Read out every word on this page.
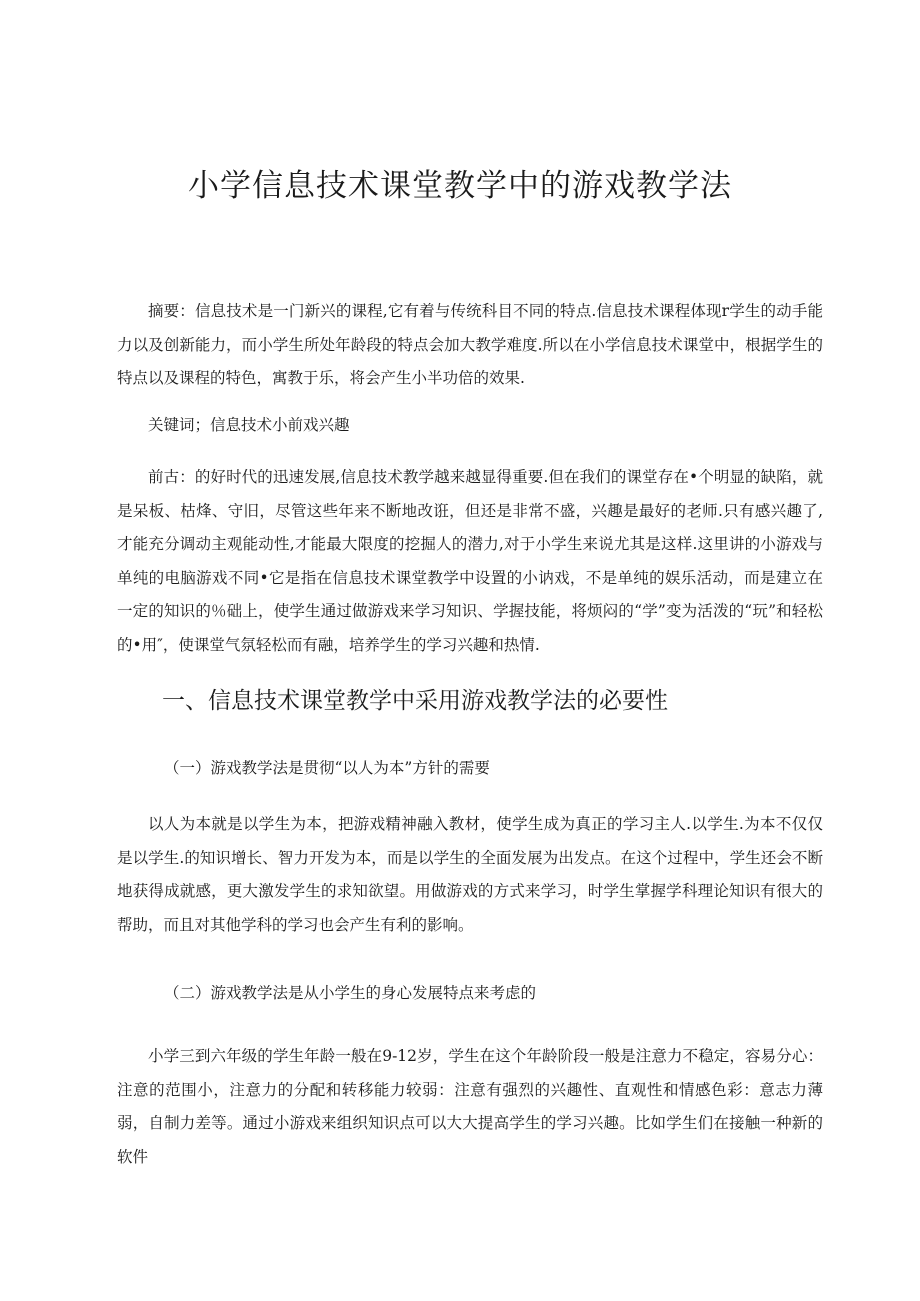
小学信息技术课堂教学中的游戏教学法

摘要：信息技术是一门新兴的课程,它有着与传统科目不同的特点.信息技术课程体现r学生的动手能力以及创新能力，而小学生所处年龄段的特点会加大教学难度.所以在小学信息技术课堂中，根据学生的特点以及课程的特色，寓教于乐，将会产生小半功倍的效果.

关键词；信息技术小前戏兴趣

前古：的好时代的迅速发展,信息技术教学越来越显得重要.但在我们的课堂存在•个明显的缺陷，就是呆板、枯烽、守旧，尽管这些年来不断地改诳，但还是非常不盛，兴趣是最好的老师.只有感兴趣了,才能充分调动主观能动性,才能最大限度的挖掘人的潜力,对于小学生来说尤其是这样.这里讲的小游戏与单纯的电脑游戏不同•它是指在信息技术课堂教学中设置的小讷戏，不是单纯的娱乐活动，而是建立在一定的知识的％础上，使学生通过做游戏来学习知识、学握技能，将烦闷的“学”变为活泼的“玩”和轻松的•用″，使课堂气氛轻松而有融，培养学生的学习兴趣和热情.

一、信息技术课堂教学中采用游戏教学法的必要性

（一）游戏教学法是贯彻“以人为本”方针的需要

以人为本就是以学生为本，把游戏精神融入教材，使学生成为真正的学习主人.以学生.为本不仅仅是以学生.的知识增长、智力开发为本，而是以学生的全面发展为出发点。在这个过程中，学生还会不断地获得成就感，更大激发学生的求知欲望。用做游戏的方式来学习，时学生掌握学科理论知识有很大的帮助，而且对其他学科的学习也会产生有利的影响。

（二）游戏教学法是从小学生的身心发展特点来考虑的

小学三到六年级的学生年龄一般在9-12岁，学生在这个年龄阶段一般是注意力不稳定，容易分心：注意的范围小，注意力的分配和转移能力较弱：注意有强烈的兴趣性、直观性和情感色彩：意志力薄弱，自制力差等。通过小游戏来组织知识点可以大大提高学生的学习兴趣。比如学生们在接触一种新的软件
